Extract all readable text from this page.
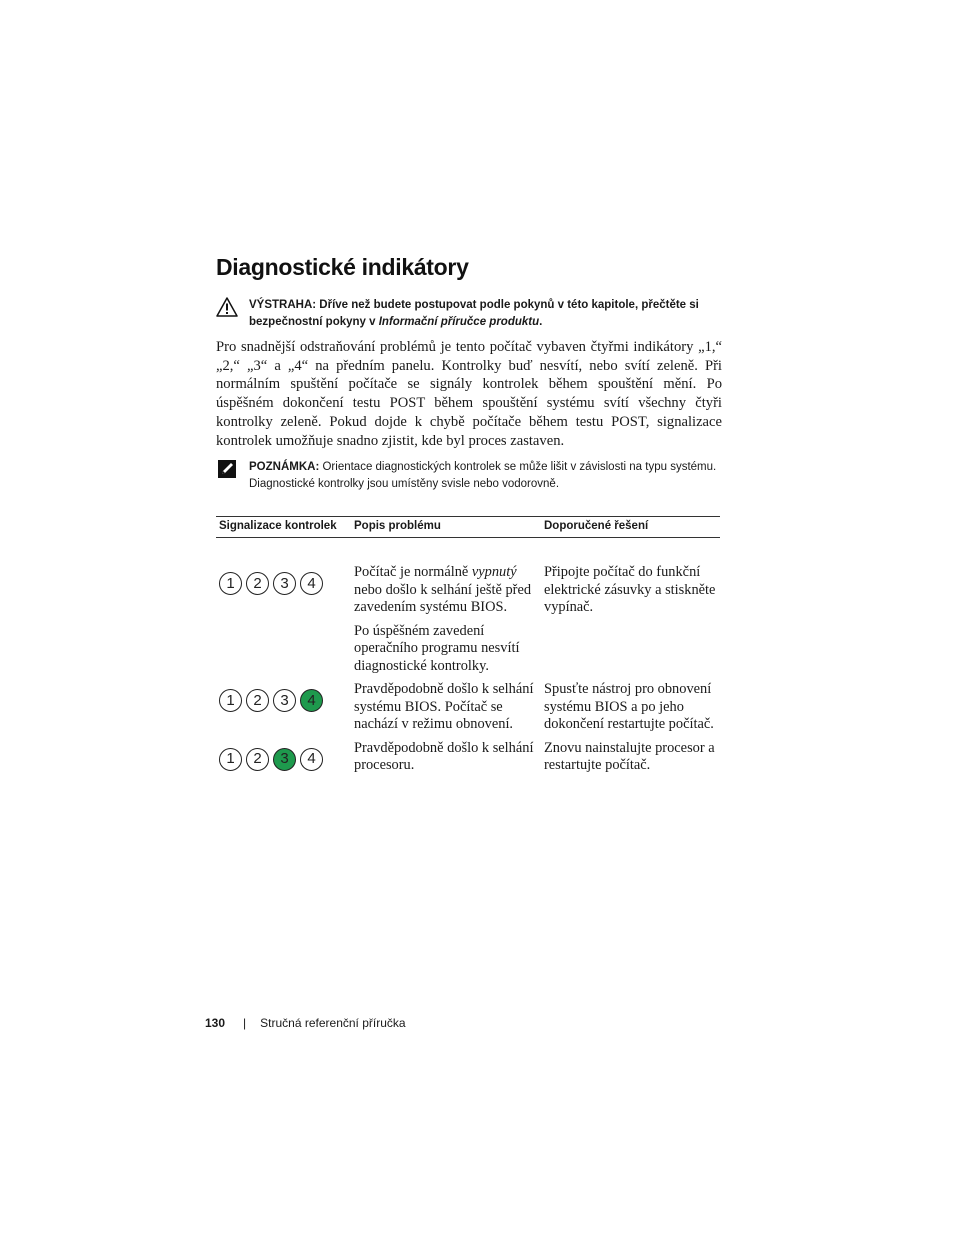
Diagnostické indikátory
VÝSTRAHA: Dříve než budete postupovat podle pokynů v této kapitole, přečtěte si bezpečnostní pokyny v Informační příručce produktu.

Pro snadnější odstraňování problémů je tento počítač vybaven čtyřmi indikátory „1,“ „2,“ „3“ a „4“ na předním panelu. Kontrolky buď nesvítí, nebo svítí zeleně. Při normálním spuštění počítače se signály kontrolek během spouštění mění. Po úspěšném dokončení testu POST během spouštění systému svítí všechny čtyři kontrolky zeleně. Pokud dojde k chybě počítače během testu POST, signalizace kontrolek umožňuje snadno zjistit, kde byl proces zastaven.

POZNÁMKA: Orientace diagnostických kontrolek se může lišit v závislosti na typu systému. Diagnostické kontrolky jsou umístěny svisle nebo vodorovně.
Signalizace kontrolek	Popis problému	Doporučené řešení

1 2 3 4	Počítač je normálně vypnutý nebo došlo k selhání ještě před zavedením systému BIOS.	Připojte počítač do funkční elektrické zásuvky a stiskněte vypínač.

	Po úspěšném zavedení operačního programu nesvítí diagnostické kontrolky.	

1 2 3 4	Pravděpodobně došlo k selhání systému BIOS. Počítač se nachází v režimu obnovení.	Spusťte nástroj pro obnovení systému BIOS a po jeho dokončení restartujte počítač.

1 2 3 4	Pravděpodobně došlo k selhání procesoru.	Znovu nainstalujte procesor a restartujte počítač.

130 | Stručná referenční příručka
